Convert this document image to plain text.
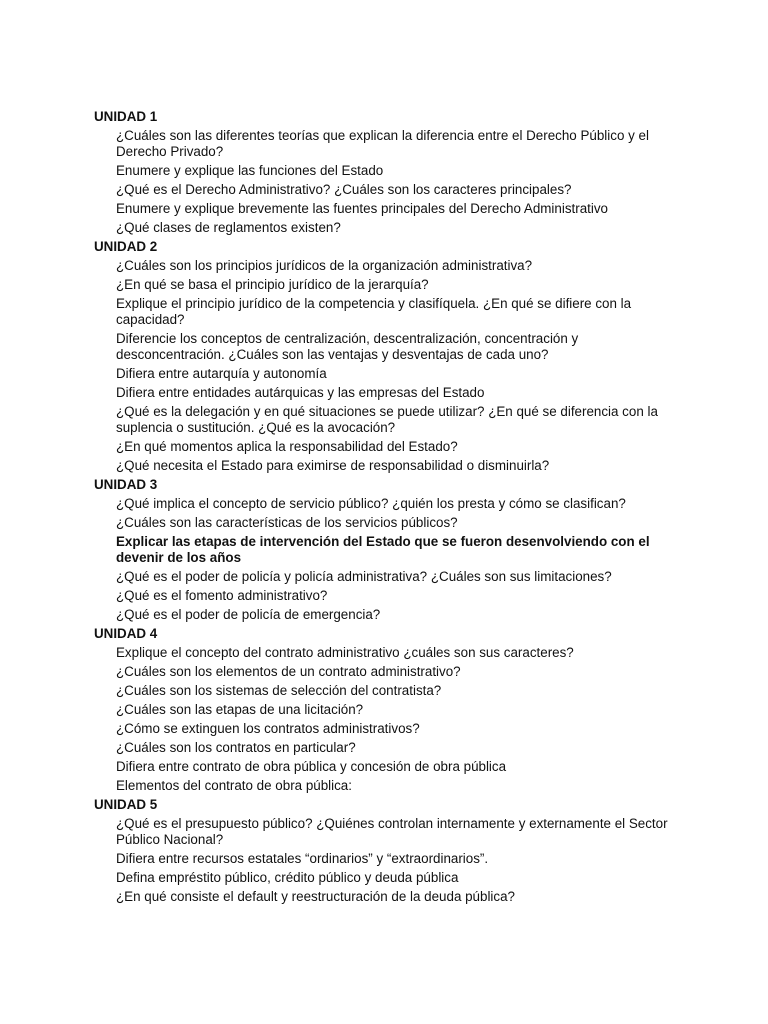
UNIDAD 1
¿Cuáles son las diferentes teorías que explican la diferencia entre el Derecho Público y el Derecho Privado?
Enumere y explique las funciones del Estado
¿Qué es el Derecho Administrativo? ¿Cuáles son los caracteres principales?
Enumere y explique brevemente las fuentes principales del Derecho Administrativo
¿Qué clases de reglamentos existen?
UNIDAD 2
¿Cuáles son los principios jurídicos de la organización administrativa?
¿En qué se basa el principio jurídico de la jerarquía?
Explique el principio jurídico de la competencia y clasifíquela. ¿En qué se difiere con la capacidad?
Diferencie los conceptos de centralización, descentralización, concentración y desconcentración. ¿Cuáles son las ventajas y desventajas de cada uno?
Difiera entre autarquía y autonomía
Difiera entre entidades autárquicas y las empresas del Estado
¿Qué es la delegación y en qué situaciones se puede utilizar? ¿En qué se diferencia con la suplencia o sustitución. ¿Qué es la avocación?
¿En qué momentos aplica la responsabilidad del Estado?
¿Qué necesita el Estado para eximirse de responsabilidad o disminuirla?
UNIDAD 3
¿Qué implica el concepto de servicio público? ¿quién los presta y cómo se clasifican?
¿Cuáles son las características de los servicios públicos?
Explicar las etapas de intervención del Estado que se fueron desenvolviendo con el devenir de los años
¿Qué es el poder de policía y policía administrativa? ¿Cuáles son sus limitaciones?
¿Qué es el fomento administrativo?
¿Qué es el poder de policía de emergencia?
UNIDAD 4
Explique el concepto del contrato administrativo ¿cuáles son sus caracteres?
¿Cuáles son los elementos de un contrato administrativo?
¿Cuáles son los sistemas de selección del contratista?
¿Cuáles son las etapas de una licitación?
¿Cómo se extinguen los contratos administrativos?
¿Cuáles son los contratos en particular?
Difiera entre contrato de obra pública y concesión de obra pública
Elementos del contrato de obra pública:
UNIDAD 5
¿Qué es el presupuesto público? ¿Quiénes controlan internamente y externamente el Sector Público Nacional?
Difiera entre recursos estatales “ordinarios” y “extraordinarios”.
Defina empréstito público, crédito público y deuda pública
¿En qué consiste el default y reestructuración de la deuda pública?
